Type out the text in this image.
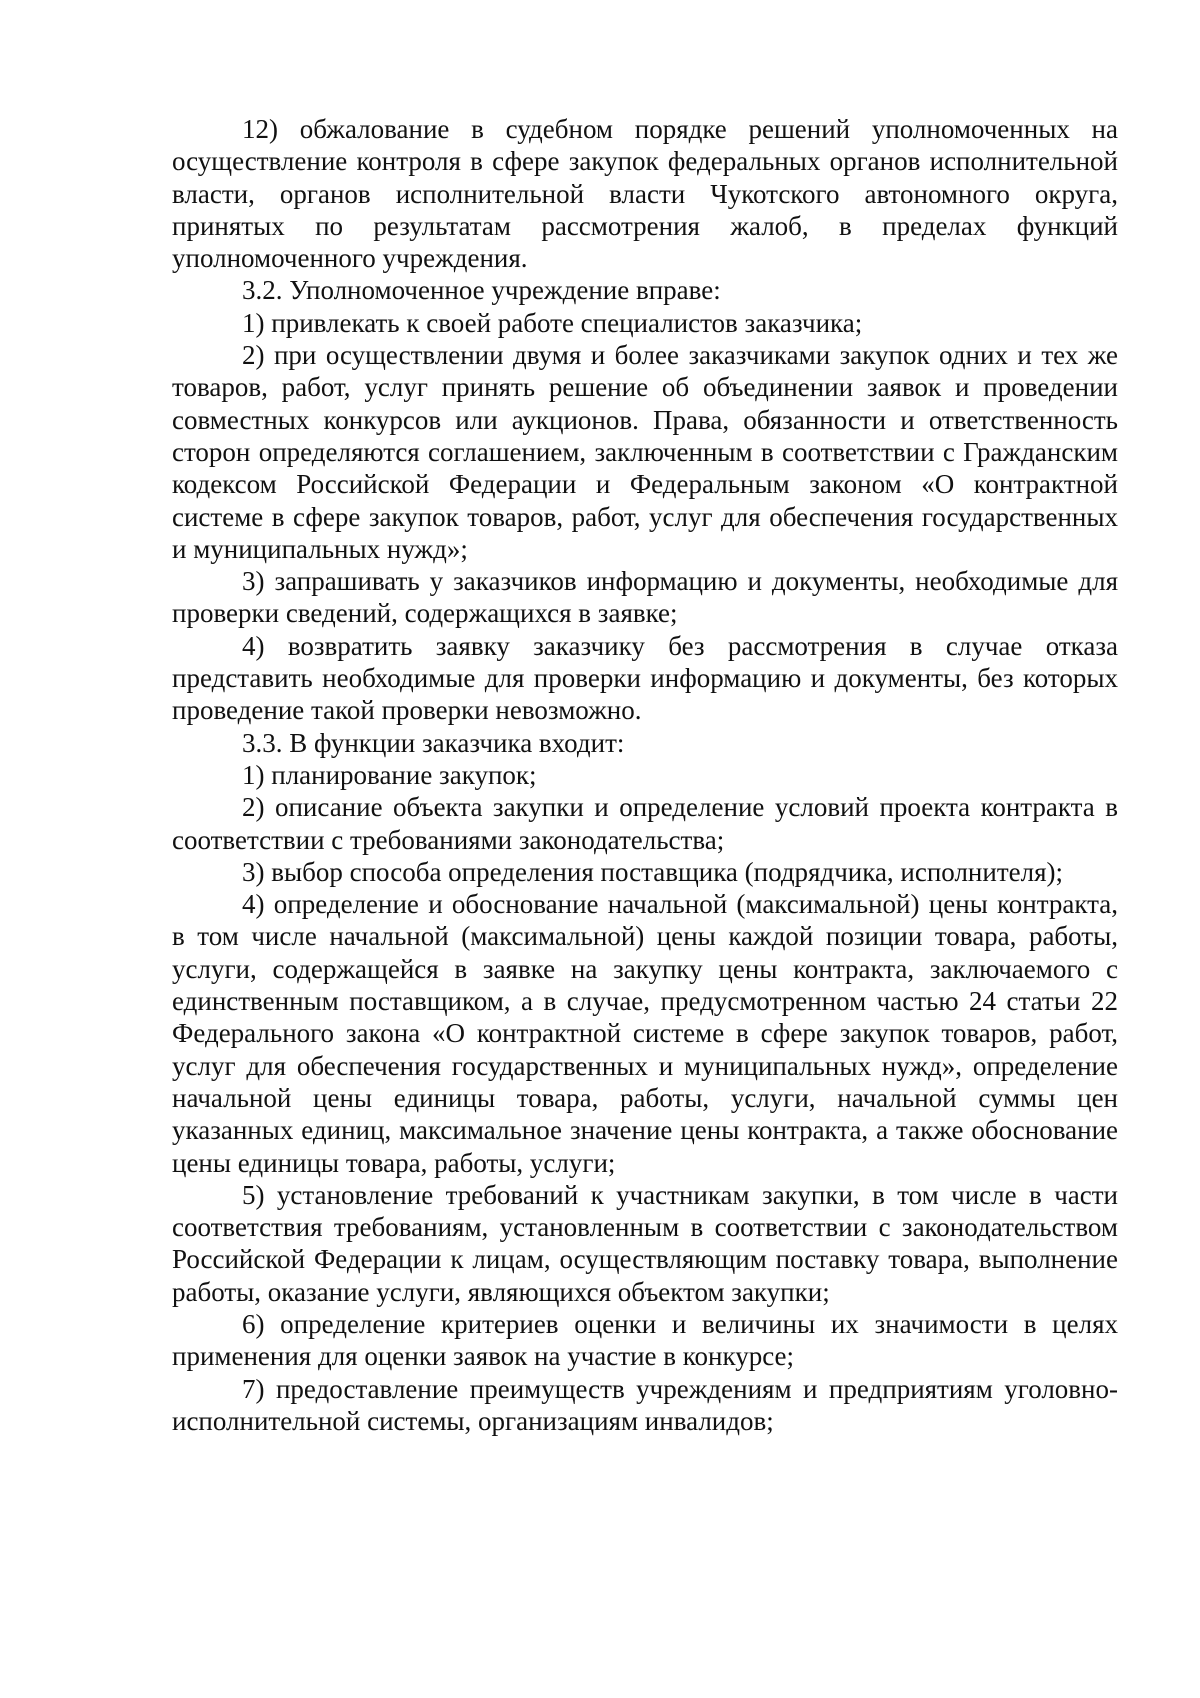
12) обжалование в судебном порядке решений уполномоченных на осуществление контроля в сфере закупок федеральных органов исполнительной власти, органов исполнительной власти Чукотского автономного округа, принятых по результатам рассмотрения жалоб, в пределах функций уполномоченного учреждения.

3.2. Уполномоченное учреждение вправе:

1) привлекать к своей работе специалистов заказчика;

2) при осуществлении двумя и более заказчиками закупок одних и тех же товаров, работ, услуг принять решение об объединении заявок и проведении совместных конкурсов или аукционов. Права, обязанности и ответственность сторон определяются соглашением, заключенным в соответствии с Гражданским кодексом Российской Федерации и Федеральным законом «О контрактной системе в сфере закупок товаров, работ, услуг для обеспечения государственных и муниципальных нужд»;

3) запрашивать у заказчиков информацию и документы, необходимые для проверки сведений, содержащихся в заявке;

4) возвратить заявку заказчику без рассмотрения в случае отказа представить необходимые для проверки информацию и документы, без которых проведение такой проверки невозможно.

3.3. В функции заказчика входит:

1) планирование закупок;

2) описание объекта закупки и определение условий проекта контракта в соответствии с требованиями законодательства;

3) выбор способа определения поставщика (подрядчика, исполнителя);

4) определение и обоснование начальной (максимальной) цены контракта, в том числе начальной (максимальной) цены каждой позиции товара, работы, услуги, содержащейся в заявке на закупку цены контракта, заключаемого с единственным поставщиком, а в случае, предусмотренном частью 24 статьи 22 Федерального закона «О контрактной системе в сфере закупок товаров, работ, услуг для обеспечения государственных и муниципальных нужд», определение начальной цены единицы товара, работы, услуги, начальной суммы цен указанных единиц, максимальное значение цены контракта, а также обоснование цены единицы товара, работы, услуги;

5) установление требований к участникам закупки, в том числе в части соответствия требованиям, установленным в соответствии с законодательством Российской Федерации к лицам, осуществляющим поставку товара, выполнение работы, оказание услуги, являющихся объектом закупки;

6) определение критериев оценки и величины их значимости в целях применения для оценки заявок на участие в конкурсе;

7) предоставление преимуществ учреждениям и предприятиям уголовно-исполнительной системы, организациям инвалидов;
